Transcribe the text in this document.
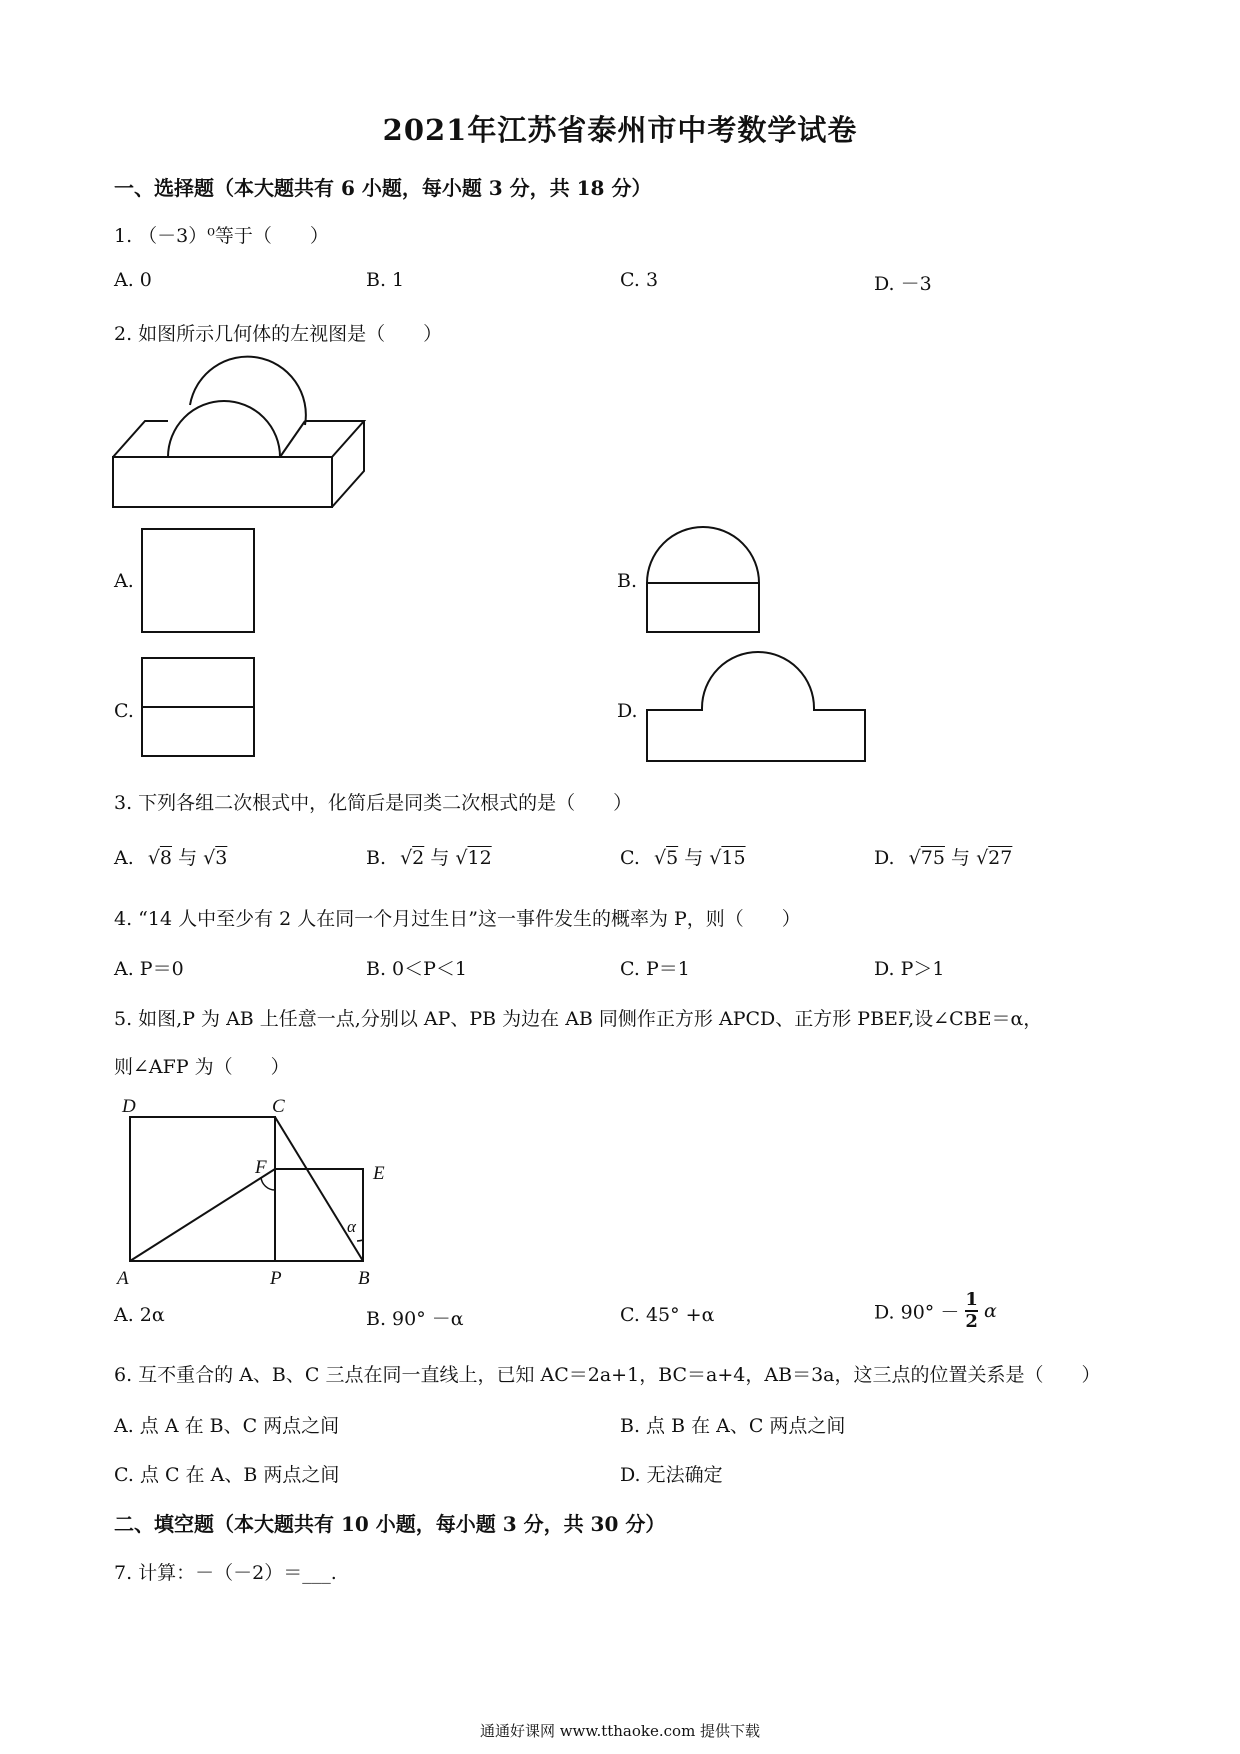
2021年江苏省泰州市中考数学试卷
一、选择题（本大题共有 6 小题，每小题 3 分，共 18 分）
1. （－3）⁰等于（　　）
A. 0	B. 1	C. 3	D. －3
2. 如图所示几何体的左视图是（　　）
A.	B.
C.	D.
3. 下列各组二次根式中，化简后是同类二次根式的是（　　）
A. √8 与 √3	B. √2 与 √12	C. √5 与 √15	D. √75 与 √27
4. “14 人中至少有 2 人在同一个月过生日”这一事件发生的概率为 P，则（　　）
A. P＝0	B. 0＜P＜1	C. P＝1	D. P＞1
5. 如图,P 为 AB 上任意一点,分别以 AP、PB 为边在 AB 同侧作正方形 APCD、正方形 PBEF,设∠CBE＝α，
则∠AFP 为（　　）
D	C
F	E
A	P	B
α
A. 2α	B. 90° －α	C. 45° +α	D. $90^\circ - \frac{1}{2}$ α
6. 互不重合的 A、B、C 三点在同一直线上，已知 AC＝2a+1，BC＝a+4，AB＝3a，这三点的位置关系是（　　）
A. 点 A 在 B、C 两点之间	B. 点 B 在 A、C 两点之间
C. 点 C 在 A、B 两点之间	D. 无法确定
二、填空题（本大题共有 10 小题，每小题 3 分，共 30 分）
7. 计算：－（－2）＝___.
通通好课网 www.tthaoke.com 提供下载
